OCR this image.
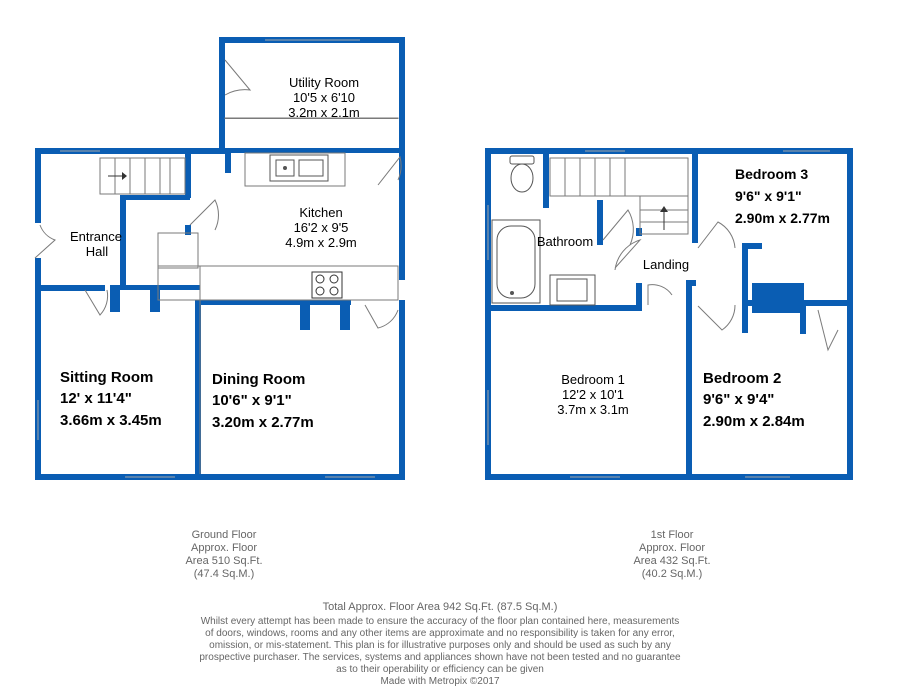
Utility Room
10'5 x 6'10
3.2m x 2.1m
Kitchen
16'2 x 9'5
4.9m x 2.9m
Entrance
Hall
Sitting Room
12' x 11'4"
3.66m x 3.45m
Dining Room
10'6" x 9'1"
3.20m x 2.77m
Bathroom
Landing
Bedroom 3
9'6" x 9'1"
2.90m x 2.77m
Bedroom 1
12'2 x 10'1
3.7m x 3.1m
Bedroom 2
9'6" x 9'4"
2.90m x 2.84m
Ground Floor
Approx. Floor
Area 510 Sq.Ft.
(47.4 Sq.M.)
1st Floor
Approx. Floor
Area 432 Sq.Ft.
(40.2 Sq.M.)
Total Approx. Floor Area 942 Sq.Ft. (87.5 Sq.M.)
Whilst every attempt has been made to ensure the accuracy of the floor plan contained here, measurements
of doors, windows, rooms and any other items are approximate and no responsibility is taken for any error,
omission, or mis-statement. This plan is for illustrative purposes only and should be used as such by any
prospective purchaser. The services, systems and appliances shown have not been tested and no guarantee
as to their operability or efficiency can be given
Made with Metropix ©2017
